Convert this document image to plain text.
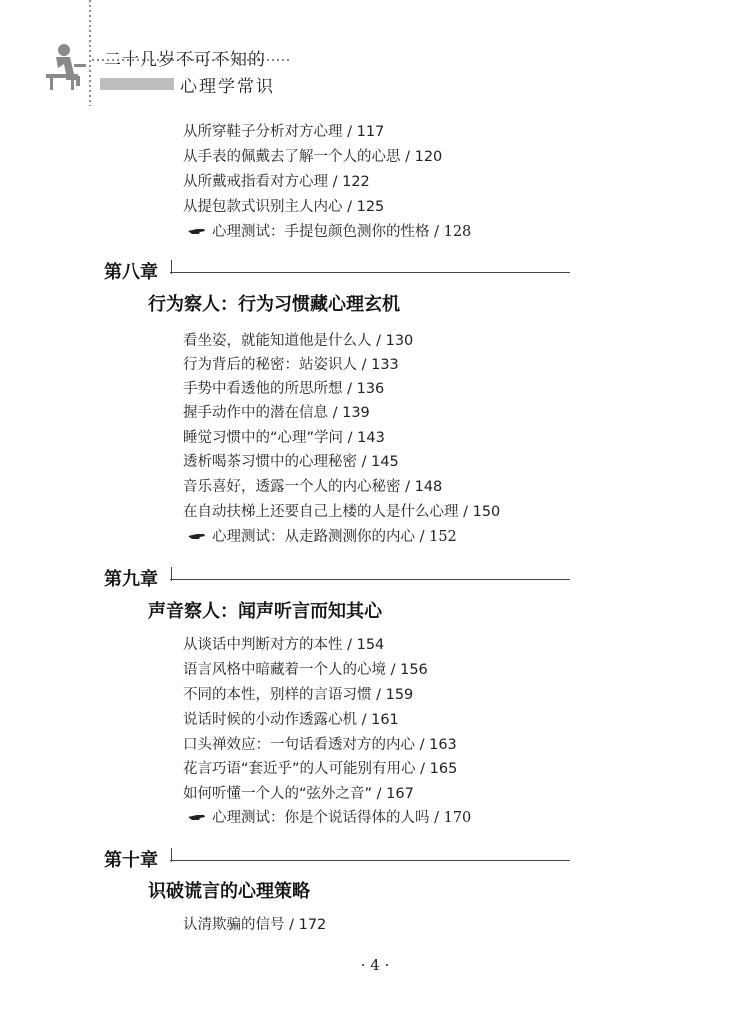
二十几岁不可不知的
心理学常识
从所穿鞋子分析对方心理 / 117
从手表的佩戴去了解一个人的心思 / 120
从所戴戒指看对方心理 / 122
从提包款式识别主人内心 / 125
心理测试：手提包颜色测你的性格 / 128
第八章
行为察人：行为习惯藏心理玄机
看坐姿，就能知道他是什么人 / 130
行为背后的秘密：站姿识人 / 133
手势中看透他的所思所想 / 136
握手动作中的潜在信息 / 139
睡觉习惯中的“心理”学问 / 143
透析喝茶习惯中的心理秘密 / 145
音乐喜好，透露一个人的内心秘密 / 148
在自动扶梯上还要自己上楼的人是什么心理 / 150
心理测试：从走路测测你的内心 / 152
第九章
声音察人：闻声听言而知其心
从谈话中判断对方的本性 / 154
语言风格中暗藏着一个人的心境 / 156
不同的本性，别样的言语习惯 / 159
说话时候的小动作透露心机 / 161
口头禅效应：一句话看透对方的内心 / 163
花言巧语“套近乎”的人可能别有用心 / 165
如何听懂一个人的“弦外之音” / 167
心理测试：你是个说话得体的人吗 / 170
第十章
识破谎言的心理策略
认清欺骗的信号 / 172
· 4 ·
